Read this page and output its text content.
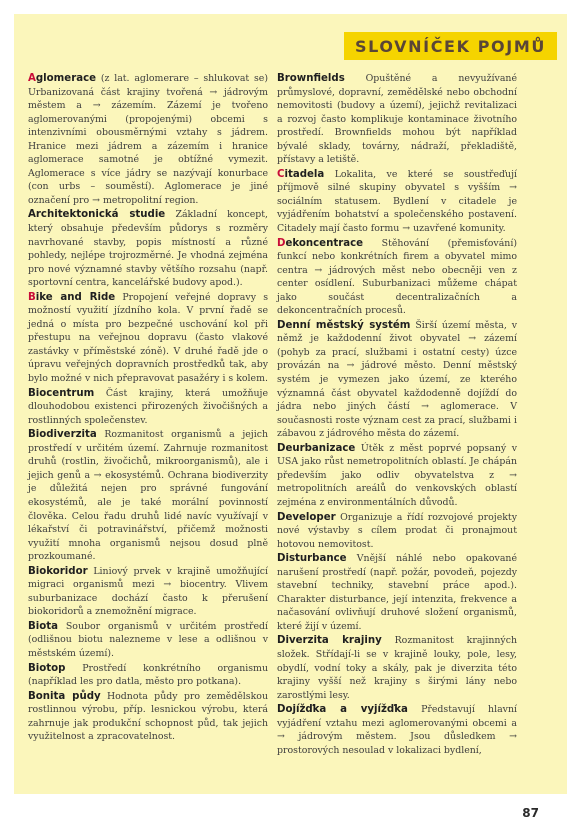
SLOVNÍČEK POJMŮ

Aglomerace (z lat. aglomerare – shlukovat se) Urbanizovaná část krajiny tvořená → jádrovým městem a → zázemím. Zázemí je tvořeno aglomerovanými (propojenými) obcemi s intenzivními obousměrnými vztahy s jádrem. Hranice mezi jádrem a zázemím i hranice aglomerace samotné je obtížné vymezit. Aglomerace s více jádry se nazývají konurbace (con urbs – souměstí). Aglomerace je jiné označení pro → metropolitní region.

Architektonická studie Základní koncept, který obsahuje především půdorys s rozměry navrhované stavby, popis místností a různé pohledy, nejlépe trojrozměrné. Je vhodná zejména pro nové významné stavby většího rozsahu (např. sportovní centra, kancelářské budovy apod.).

Bike and Ride Propojení veřejné dopravy s možností využití jízdního kola. V první řadě se jedná o místa pro bezpečné uschování kol při přestupu na veřejnou dopravu (často vlakové zastávky v příměstské zóně). V druhé řadě jde o úpravu veřejných dopravních prostředků tak, aby bylo možné v nich přepravovat pasažéry i s kolem.

Biocentrum Část krajiny, která umožňuje dlouhodobou existenci přirozených živočišných a rostlinných společenstev.

Biodiverzita Rozmanitost organismů a jejich prostředí v určitém území. Zahrnuje rozmanitost druhů (rostlin, živočichů, mikroorganismů), ale i jejich genů a → ekosystémů. Ochrana biodiverzity je důležitá nejen pro správné fungování ekosystémů, ale je také morální povinností člověka. Celou řadu druhů lidé navíc využívají v lékařství či potravinářství, přičemž možnosti využití mnoha organismů nejsou dosud plně prozkoumané.

Biokoridor Liniový prvek v krajině umožňující migraci organismů mezi → biocentry. Vlivem suburbanizace dochází často k přerušení biokoridorů a znemožnění migrace.

Biota Soubor organismů v určitém prostředí (odlišnou biotu nalezneme v lese a odlišnou v městském území).

Biotop Prostředí konkrétního organismu (například les pro datla, město pro potkana).

Bonita půdy Hodnota půdy pro zemědělskou rostlinnou výrobu, příp. lesnickou výrobu, která zahrnuje jak produkční schopnost půd, tak jejich využitelnost a zpracovatelnost.

Brownfields Opuštěné a nevyužívané průmyslové, dopravní, zemědělské nebo obchodní nemovitosti (budovy a území), jejichž revitalizaci a rozvoj často komplikuje kontaminace životního prostředí. Brownfields mohou být například bývalé sklady, továrny, nádraží, překladiště, přístavy a letiště.

Citadela Lokalita, ve které se soustřeďují příjmově silné skupiny obyvatel s vyšším → sociálním statusem. Bydlení v citadele je vyjádřením bohatství a společenského postavení. Citadely mají často formu → uzavřené komunity.

Dekoncentrace Stěhování (přemisťování) funkcí nebo konkrétních firem a obyvatel mimo centra → jádrových měst nebo obecněji ven z center osídlení. Suburbanizaci můžeme chápat jako součást decentralizačních a dekoncentračních procesů.

Denní městský systém Širší území města, v němž je každodenní život obyvatel → zázemí (pohyb za prací, službami i ostatní cesty) úzce provázán na → jádrové město. Denní městský systém je vymezen jako území, ze kterého významná část obyvatel každodenně dojíždí do jádra nebo jiných částí → aglomerace. V současnosti roste význam cest za prací, službami i zábavou z jádrového města do zázemí.

Deurbanizace Útěk z měst poprvé popsaný v USA jako růst nemetropolitních oblastí. Je chápán především jako odliv obyvatelstva z → metropolitních areálů do venkovských oblastí zejména z environmentálních důvodů.

Developer Organizuje a řídí rozvojové projekty nové výstavby s cílem prodat či pronajmout hotovou nemovitost.

Disturbance Vnější náhlé nebo opakované narušení prostředí (např. požár, povodeň, pojezdy stavební techniky, stavební práce apod.). Charakter disturbance, její intenzita, frekvence a načasování ovlivňují druhové složení organismů, které žijí v území.

Diverzita krajiny Rozmanitost krajinných složek. Střídají-li se v krajině louky, pole, lesy, obydlí, vodní toky a skály, pak je diverzita této krajiny vyšší než krajiny s širými lány nebo zarostlými lesy.

Dojížďka a vyjížďka Představují hlavní vyjádření vztahu mezi aglomerovanými obcemi a → jádrovým městem. Jsou důsledkem → prostorových nesoulad v lokalizaci bydlení,

87
